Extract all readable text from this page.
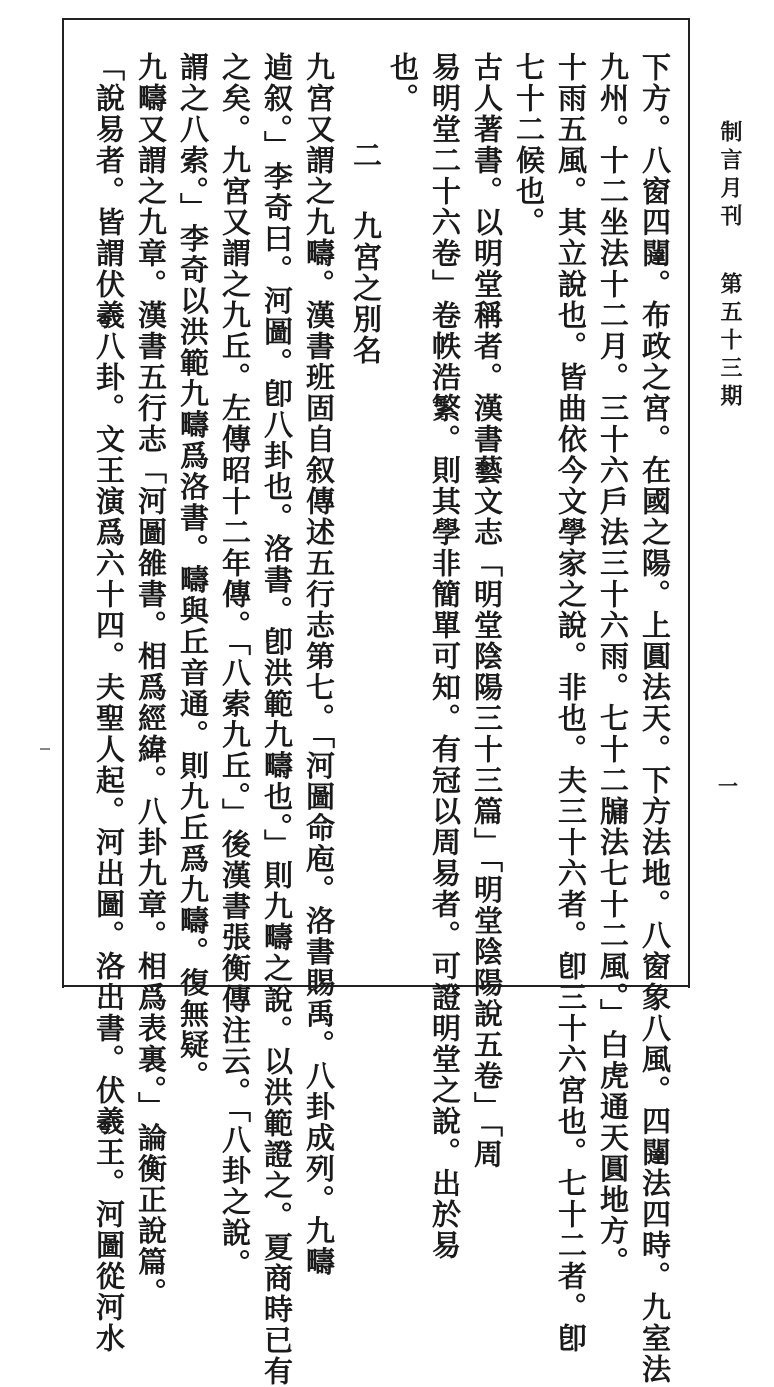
制言月刊第五十三期
一
下方。八窗四闥。布政之宮。在國之陽。上圓法天。下方法地。八窗象八風。四闥法四時。九室法
九州。十二坐法十二月。三十六戶法三十六雨。七十二牖法七十二風。」白虎通天圓地方。
十雨五風。其立說也。皆曲依今文學家之說。非也。夫三十六者。卽三十六宮也。七十二者。卽
七十二候也。
古人著書。以明堂稱者。漢書藝文志「明堂陰陽三十三篇」「明堂陰陽說五卷」「周
易明堂二十六卷」卷帙浩繁。則其學非簡單可知。有冠以周易者。可證明堂之說。出於易
也。
二九宮之別名
九宮又謂之九疇。漢書班固自叙傳述五行志第七。「河圖命庖。洛書賜禹。八卦成列。九疇
逌叙。」李奇曰。河圖。卽八卦也。洛書。卽洪範九疇也。」則九疇之說。以洪範證之。夏商時已有
之矣。九宮又謂之九丘。左傳昭十二年傳。「八索九丘。」後漢書張衡傳注云。「八卦之說。
謂之八索。」李奇以洪範九疇爲洛書。疇與丘音通。則九丘爲九疇。復無疑。
九疇又謂之九章。漢書五行志「河圖雒書。相爲經緯。八卦九章。相爲表裏。」論衡正說篇。
「說易者。皆謂伏羲八卦。文王演爲六十四。夫聖人起。河出圖。洛出書。伏羲王。河圖從河水
